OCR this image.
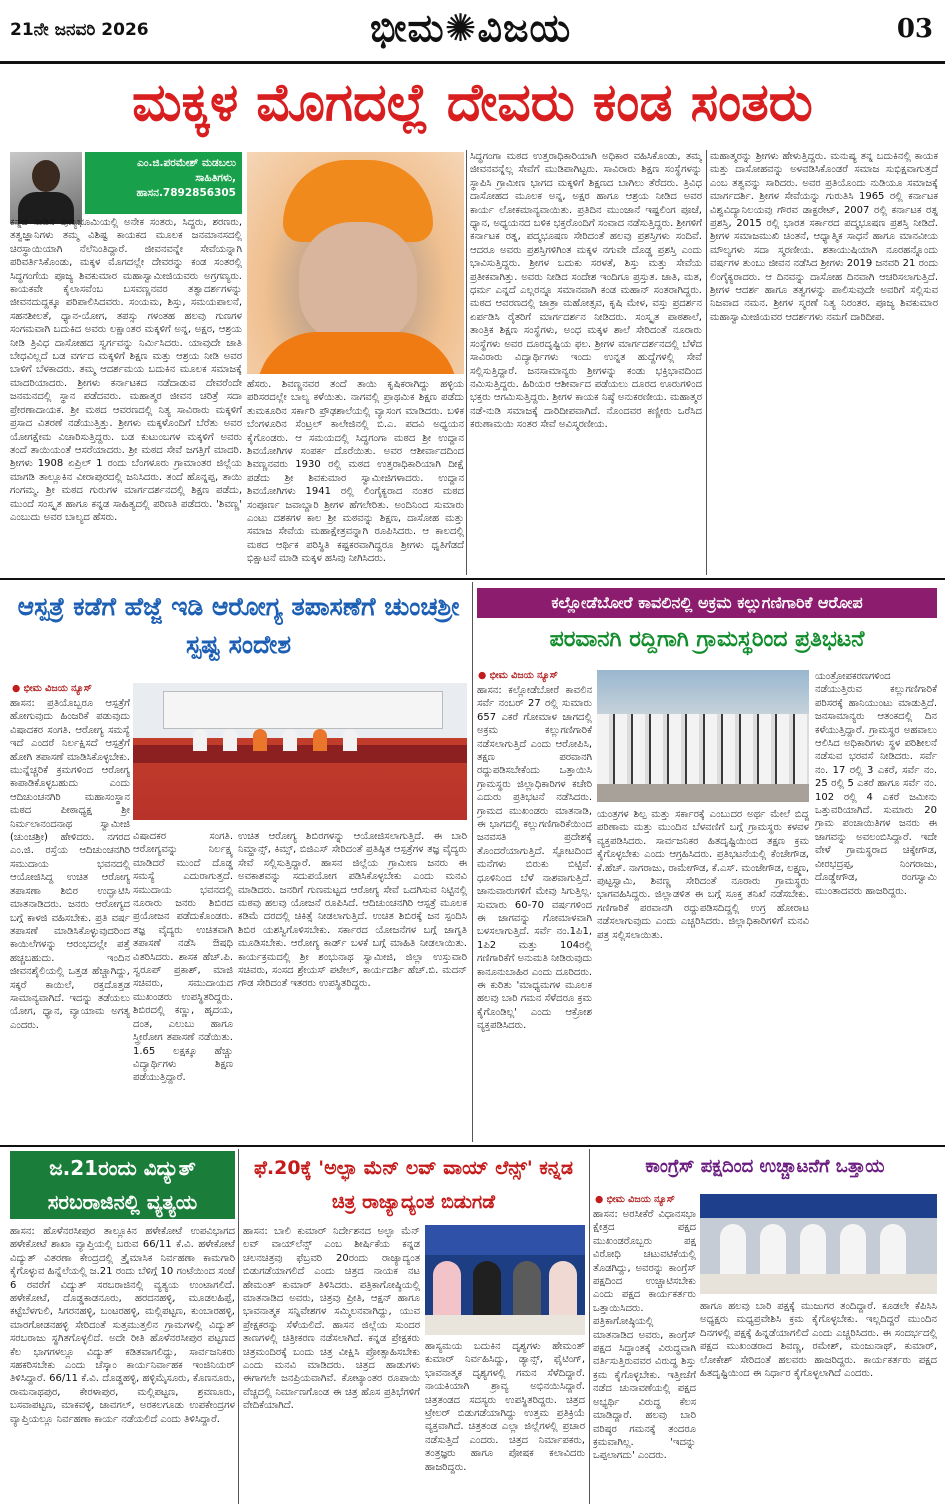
21ನೇ ಜನವರಿ 2026	ಭೀಮ✺ವಿಜಯ	03
ಮಕ್ಕಳ ಮೊಗದಲ್ಲೆ ದೇವರು ಕಂಡ ಸಂತರು
ಎಂ.ಜಿ.ಪರಮೇಶ್ ಮಡಬಲು
ಸಾಹಿತಿಗಳು,
ಹಾಸನ.7892856305
ಕನ್ನಡ ನಾಡಿನ ಪುಣ್ಯಭೂಮಿಯಲ್ಲಿ ಅನೇಕ ಸಂತರು, ಸಿದ್ಧರು, ಶರಣರು, ತತ್ವಜ್ಞಾನಿಗಳು ತಮ್ಮ ವಿಶಿಷ್ಟ ಕಾಯಕದ ಮೂಲಕ ಜನಮಾನಸದಲ್ಲಿ ಚಿರಸ್ಥಾಯಿಯಾಗಿ ನೆಲೆನಿಂತಿದ್ದಾರೆ. ಜೀವನವನ್ನೇ ಸೇವೆಯನ್ನಾಗಿ ಪರಿವರ್ತಿಸಿಕೊಂಡು, ಮಕ್ಕಳ ಮೊಗದಲ್ಲೇ ದೇವರನ್ನು ಕಂಡ ಸಂತರಲ್ಲಿ ಸಿದ್ಧಗಂಗೆಯ ಪೂಜ್ಯ ಶಿವಕುಮಾರ ಮಹಾಸ್ವಾಮೀಜಿಯವರು ಅಗ್ರಗಣ್ಯರು. ಕಾಯಕವೇ ಕೈಲಾಸವೆಂಬ ಬಸವಣ್ಣನವರ ತತ್ವಾದರ್ಶಗಳನ್ನು ಜೀವನದುದ್ದಕ್ಕೂ ಪರಿಪಾಲಿಸಿದವರು. ಸಂಯಮ, ಶಿಸ್ತು, ಸಮಯಪಾಲನೆ, ಸಹನಶೀಲತೆ, ಧ್ಯಾನ-ಯೋಗ, ತಪಸ್ಸು ಗಳಂತಹ ಹಲವು ಗುಣಗಳ ಸಂಗಮವಾಗಿ ಬದುಕಿದ ಅವರು ಲಕ್ಷಾಂತರ ಮಕ್ಕಳಿಗೆ ಅನ್ನ, ಅಕ್ಷರ, ಆಶ್ರಯ ನೀಡಿ ತ್ರಿವಿಧ ದಾಸೋಹದ ಸ್ವರ್ಗವನ್ನು ನಿರ್ಮಿಸಿದರು. ಯಾವುದೇ ಜಾತಿ ಬೇಧವಿಲ್ಲದೆ ಬಡ ವರ್ಗದ ಮಕ್ಕಳಿಗೆ ಶಿಕ್ಷಣ ಮತ್ತು ಆಶ್ರಯ ನೀಡಿ ಅವರ ಬಾಳಿಗೆ ಬೆಳಕಾದರು. ತಮ್ಮ ಆದರ್ಶಮಯ ಬದುಕಿನ ಮೂಲಕ ಸಮಾಜಕ್ಕೆ ಮಾದರಿಯಾದರು. ಶ್ರೀಗಳು ಕರ್ನಾಟಕದ ನಡೆದಾಡುವ ದೇವರೆಂದೇ ಜನಮನದಲ್ಲಿ ಸ್ಥಾನ ಪಡೆದವರು. ಮಹಾತ್ಮರ ಜೀವನ ಚರಿತ್ರೆ ಸದಾ ಪ್ರೇರಣಾದಾಯಕ. ಶ್ರೀ ಮಠದ ಆವರಣದಲ್ಲಿ ನಿತ್ಯ ಸಾವಿರಾರು ಮಕ್ಕಳಿಗೆ ಪ್ರಸಾದ ವಿತರಣೆ ನಡೆಯುತ್ತಿತ್ತು. ಶ್ರೀಗಳು ಮಕ್ಕಳೊಂದಿಗೆ ಬೆರೆತು ಅವರ ಯೋಗಕ್ಷೇಮ ವಿಚಾರಿಸುತ್ತಿದ್ದರು. ಬಡ ಕುಟುಂಬಗಳ ಮಕ್ಕಳಿಗೆ ಅವರು ತಂದೆ ತಾಯಿಯಂತೆ ಆಸರೆಯಾದರು. ಶ್ರೀ ಮಠದ ಸೇವೆ ಜಗತ್ತಿಗೆ ಮಾದರಿ. ಶ್ರೀಗಳು 1908 ಏಪ್ರಿಲ್ 1 ರಂದು ಬೆಂಗಳೂರು ಗ್ರಾಮಾಂತರ ಜಿಲ್ಲೆಯ ಮಾಗಡಿ ತಾಲ್ಲೂಕಿನ ವೀರಾಪುರದಲ್ಲಿ ಜನಿಸಿದರು. ತಂದೆ ಹೊನ್ನಪ್ಪ, ತಾಯಿ ಗಂಗಮ್ಮ. ಶ್ರೀ ಮಠದ ಗುರುಗಳ ಮಾರ್ಗದರ್ಶನದಲ್ಲಿ ಶಿಕ್ಷಣ ಪಡೆದು, ಮುಂದೆ ಸಂಸ್ಕೃತ ಹಾಗೂ ಕನ್ನಡ ಸಾಹಿತ್ಯದಲ್ಲಿ ಪರಿಣತಿ ಪಡೆದರು. 'ಶಿವಣ್ಣ' ಎಂಬುದು ಅವರ ಬಾಲ್ಯದ ಹೆಸರು.
ಹೆಸರು. ಶಿವಣ್ಣನವರ ತಂದೆ ತಾಯಿ ಕೃಷಿಕರಾಗಿದ್ದು ಹಳ್ಳಿಯ ಪರಿಸರದಲ್ಲೇ ಬಾಲ್ಯ ಕಳೆಯಿತು. ನಾಗವಲ್ಲಿ ಪ್ರಾಥಮಿಕ ಶಿಕ್ಷಣ ಪಡೆದು ತುಮಕೂರಿನ ಸರ್ಕಾರಿ ಪ್ರೌಢಶಾಲೆಯಲ್ಲಿ ವ್ಯಾಸಂಗ ಮಾಡಿದರು. ಬಳಿಕ ಬೆಂಗಳೂರಿನ ಸೆಂಟ್ರಲ್ ಕಾಲೇಜಿನಲ್ಲಿ ಬಿ.ಎ. ಪದವಿ ಅಧ್ಯಯನ ಕೈಗೊಂಡರು. ಆ ಸಮಯದಲ್ಲಿ ಸಿದ್ಧಗಂಗಾ ಮಠದ ಶ್ರೀ ಉದ್ದಾನ ಶಿವಯೋಗಿಗಳ ಸಂಪರ್ಕ ದೊರೆಯಿತು. ಅವರ ಆಶೀರ್ವಾದದಿಂದ ಶಿವಣ್ಣನವರು 1930 ರಲ್ಲಿ ಮಠದ ಉತ್ತರಾಧಿಕಾರಿಯಾಗಿ ದೀಕ್ಷೆ ಪಡೆದು ಶ್ರೀ ಶಿವಕುಮಾರ ಸ್ವಾಮೀಜಿಗಳಾದರು. ಉದ್ದಾನ ಶಿವಯೋಗಿಗಳು 1941 ರಲ್ಲಿ ಲಿಂಗೈಕ್ಯರಾದ ನಂತರ ಮಠದ ಸಂಪೂರ್ಣ ಜವಾಬ್ದಾರಿ ಶ್ರೀಗಳ ಹೆಗಲೇರಿತು. ಅಂದಿನಿಂದ ಸುಮಾರು ಎಂಟು ದಶಕಗಳ ಕಾಲ ಶ್ರೀ ಮಠವನ್ನು ಶಿಕ್ಷಣ, ದಾಸೋಹ ಮತ್ತು ಸಮಾಜ ಸೇವೆಯ ಮಹಾಕ್ಷೇತ್ರವನ್ನಾಗಿ ರೂಪಿಸಿದರು. ಆ ಕಾಲದಲ್ಲಿ ಮಠದ ಆರ್ಥಿಕ ಪರಿಸ್ಥಿತಿ ಕಷ್ಟಕರವಾಗಿದ್ದರೂ ಶ್ರೀಗಳು ಧೃತಿಗೆಡದೆ ಭಿಕ್ಷಾಟನೆ ಮಾಡಿ ಮಕ್ಕಳ ಹಸಿವು ನೀಗಿಸಿದರು.
ಸಿದ್ಧಗಂಗಾ ಮಠದ ಉತ್ತರಾಧಿಕಾರಿಯಾಗಿ ಅಧಿಕಾರ ವಹಿಸಿಕೊಂಡು, ತಮ್ಮ ಜೀವನವನ್ನೆಲ್ಲ ಸೇವೆಗೆ ಮುಡಿಪಾಗಿಟ್ಟರು. ಸಾವಿರಾರು ಶಿಕ್ಷಣ ಸಂಸ್ಥೆಗಳನ್ನು ಸ್ಥಾಪಿಸಿ ಗ್ರಾಮೀಣ ಭಾಗದ ಮಕ್ಕಳಿಗೆ ಶಿಕ್ಷಣದ ಬಾಗಿಲು ತೆರೆದರು. ತ್ರಿವಿಧ ದಾಸೋಹದ ಮೂಲಕ ಅನ್ನ, ಅಕ್ಷರ ಹಾಗೂ ಆಶ್ರಯ ನೀಡಿದ ಅವರ ಕಾರ್ಯ ಲೋಕಮಾನ್ಯವಾಯಿತು. ಪ್ರತಿದಿನ ಮುಂಜಾನೆ ಇಷ್ಟಲಿಂಗ ಪೂಜೆ, ಧ್ಯಾನ, ಅಧ್ಯಯನದ ಬಳಿಕ ಭಕ್ತರೊಂದಿಗೆ ಸಂವಾದ ನಡೆಸುತ್ತಿದ್ದರು. ಶ್ರೀಗಳಿಗೆ ಕರ್ನಾಟಕ ರತ್ನ, ಪದ್ಮಭೂಷಣ ಸೇರಿದಂತೆ ಹಲವು ಪ್ರಶಸ್ತಿಗಳು ಸಂದಿವೆ. ಆದರೂ ಅವರು ಪ್ರಶಸ್ತಿಗಳಿಗಿಂತ ಮಕ್ಕಳ ನಗುವೇ ದೊಡ್ಡ ಪ್ರಶಸ್ತಿ ಎಂದು ಭಾವಿಸುತ್ತಿದ್ದರು. ಶ್ರೀಗಳ ಬದುಕು ಸರಳತೆ, ಶಿಸ್ತು ಮತ್ತು ಸೇವೆಯ ಪ್ರತೀಕವಾಗಿತ್ತು. ಅವರು ನೀಡಿದ ಸಂದೇಶ ಇಂದಿಗೂ ಪ್ರಸ್ತುತ. ಜಾತಿ, ಮತ, ಧರ್ಮ ಎನ್ನದೆ ಎಲ್ಲರನ್ನೂ ಸಮಾನವಾಗಿ ಕಂಡ ಮಹಾನ್ ಸಂತರಾಗಿದ್ದರು. ಮಠದ ಆವರಣದಲ್ಲಿ ಜಾತ್ರಾ ಮಹೋತ್ಸವ, ಕೃಷಿ ಮೇಳ, ವಸ್ತು ಪ್ರದರ್ಶನ ಏರ್ಪಡಿಸಿ ರೈತರಿಗೆ ಮಾರ್ಗದರ್ಶನ ನೀಡಿದರು. ಸಂಸ್ಕೃತ ಪಾಠಶಾಲೆ, ತಾಂತ್ರಿಕ ಶಿಕ್ಷಣ ಸಂಸ್ಥೆಗಳು, ಅಂಧ ಮಕ್ಕಳ ಶಾಲೆ ಸೇರಿದಂತೆ ನೂರಾರು ಸಂಸ್ಥೆಗಳು ಅವರ ದೂರದೃಷ್ಟಿಯ ಫಲ. ಶ್ರೀಗಳ ಮಾರ್ಗದರ್ಶನದಲ್ಲಿ ಬೆಳೆದ ಸಾವಿರಾರು ವಿದ್ಯಾರ್ಥಿಗಳು ಇಂದು ಉನ್ನತ ಹುದ್ದೆಗಳಲ್ಲಿ ಸೇವೆ ಸಲ್ಲಿಸುತ್ತಿದ್ದಾರೆ. ಜನಸಾಮಾನ್ಯರು ಶ್ರೀಗಳನ್ನು ಕಂಡು ಭಕ್ತಿಭಾವದಿಂದ ನಮಿಸುತ್ತಿದ್ದರು. ಹಿರಿಯರ ಆಶೀರ್ವಾದ ಪಡೆಯಲು ದೂರದ ಊರುಗಳಿಂದ ಭಕ್ತರು ಆಗಮಿಸುತ್ತಿದ್ದರು. ಶ್ರೀಗಳ ಕಾಯಕ ನಿಷ್ಠೆ ಅನುಕರಣೀಯ. ಮಹಾತ್ಮರ ನಡೆ-ನುಡಿ ಸಮಾಜಕ್ಕೆ ದಾರಿದೀಪವಾಗಿದೆ. ನೊಂದವರ ಕಣ್ಣೀರು ಒರೆಸಿದ ಕರುಣಾಮಯಿ ಸಂತರ ಸೇವೆ ಅವಿಸ್ಮರಣೀಯ.
ಮಹಾತ್ಮರನ್ನು ಶ್ರೀಗಳು ಹೇಳುತ್ತಿದ್ದರು. ಮನುಷ್ಯ ತನ್ನ ಬದುಕಿನಲ್ಲಿ ಕಾಯಕ ಮತ್ತು ದಾಸೋಹವನ್ನು ಅಳವಡಿಸಿಕೊಂಡರೆ ಸಮಾಜ ಸುಭಿಕ್ಷವಾಗುತ್ತದೆ ಎಂಬ ತತ್ವವನ್ನು ಸಾರಿದರು. ಅವರ ಪ್ರತಿಯೊಂದು ನುಡಿಯೂ ಸಮಾಜಕ್ಕೆ ಮಾರ್ಗದರ್ಶಿ. ಶ್ರೀಗಳ ಸೇವೆಯನ್ನು ಗುರುತಿಸಿ 1965 ರಲ್ಲಿ ಕರ್ನಾಟಕ ವಿಶ್ವವಿದ್ಯಾನಿಲಯವು ಗೌರವ ಡಾಕ್ಟರೇಟ್, 2007 ರಲ್ಲಿ ಕರ್ನಾಟಕ ರತ್ನ ಪ್ರಶಸ್ತಿ, 2015 ರಲ್ಲಿ ಭಾರತ ಸರ್ಕಾರದ ಪದ್ಮಭೂಷಣ ಪ್ರಶಸ್ತಿ ನೀಡಿದೆ. ಶ್ರೀಗಳ ಸಮಾಜಮುಖಿ ಚಿಂತನೆ, ಆಧ್ಯಾತ್ಮಿಕ ಸಾಧನೆ ಹಾಗೂ ಮಾನವೀಯ ಮೌಲ್ಯಗಳು ಸದಾ ಸ್ಮರಣೀಯ. ಶತಾಯುಷಿಯಾಗಿ ನೂರಹನ್ನೊಂದು ವರ್ಷಗಳ ತುಂಬು ಜೀವನ ನಡೆಸಿದ ಶ್ರೀಗಳು 2019 ಜನವರಿ 21 ರಂದು ಲಿಂಗೈಕ್ಯರಾದರು. ಆ ದಿನವನ್ನು ದಾಸೋಹ ದಿನವಾಗಿ ಆಚರಿಸಲಾಗುತ್ತಿದೆ. ಶ್ರೀಗಳ ಆದರ್ಶ ಹಾಗೂ ತತ್ವಗಳನ್ನು ಪಾಲಿಸುವುದೇ ಅವರಿಗೆ ಸಲ್ಲಿಸುವ ನಿಜವಾದ ನಮನ. ಶ್ರೀಗಳ ಸ್ಮರಣೆ ನಿತ್ಯ ನಿರಂತರ. ಪೂಜ್ಯ ಶಿವಕುಮಾರ ಮಹಾಸ್ವಾಮೀಜಿಯವರ ಆದರ್ಶಗಳು ನಮಗೆ ದಾರಿದೀಪ.
ಆಸ್ಪತ್ರೆ ಕಡೆಗೆ ಹೆಜ್ಜೆ ಇಡಿ ಆರೋಗ್ಯ ತಪಾಸಣೆಗೆ ಚುಂಚಶ್ರೀ ಸ್ಪಷ್ಟ ಸಂದೇಶ
● ಭೀಮ ವಿಜಯ ನ್ಯೂಸ್
ಹಾಸನ: ಪ್ರತಿಯೊಬ್ಬರೂ ಆಸ್ಪತ್ರೆಗೆ ಹೋಗುವುದು ಹಿಂಜರಿಕೆ ಪಡುವುದು ವಿಷಾದಕರ ಸಂಗತಿ. ಆರೋಗ್ಯ ಸಮಸ್ಯೆ ಇದೆ ಎಂದರೆ ನಿರ್ಲಕ್ಷಿಸದೆ ಆಸ್ಪತ್ರೆಗೆ ಹೋಗಿ ತಪಾಸಣೆ ಮಾಡಿಸಿಕೊಳ್ಳಬೇಕು. ಮುನ್ನೆಚ್ಚರಿಕೆ ಕ್ರಮಗಳಿಂದ ಆರೋಗ್ಯ ಕಾಪಾಡಿಕೊಳ್ಳಬಹುದು ಎಂದು ಆದಿಚುಂಚನಗಿರಿ ಮಹಾಸಂಸ್ಥಾನ ಮಠದ ಪೀಠಾಧ್ಯಕ್ಷ ಶ್ರೀ ನಿರ್ಮಲಾನಂದನಾಥ ಸ್ವಾಮೀಜಿ (ಚುಂಚಶ್ರೀ) ಹೇಳಿದರು. ನಗರದ ಎಂ.ಜಿ. ರಸ್ತೆಯ ಆದಿಚುಂಚನಗಿರಿ ಸಮುದಾಯ ಭವನದಲ್ಲಿ ಆಯೋಜಿಸಿದ್ದ ಉಚಿತ ಆರೋಗ್ಯ ತಪಾಸಣಾ ಶಿಬಿರ ಉದ್ಘಾಟಿಸಿ ಮಾತನಾಡಿದರು. ಜನರು ಆರೋಗ್ಯದ ಬಗ್ಗೆ ಕಾಳಜಿ ವಹಿಸಬೇಕು. ಪ್ರತಿ ವರ್ಷ ತಪಾಸಣೆ ಮಾಡಿಸಿಕೊಳ್ಳುವುದರಿಂದ ಕಾಯಿಲೆಗಳನ್ನು ಆರಂಭದಲ್ಲೇ ಪತ್ತೆ ಹಚ್ಚಬಹುದು. ಇಂದಿನ ಜೀವನಶೈಲಿಯಲ್ಲಿ ಒತ್ತಡ ಹೆಚ್ಚಾಗಿದ್ದು, ಸಕ್ಕರೆ ಕಾಯಿಲೆ, ರಕ್ತದೊತ್ತಡ ಸಾಮಾನ್ಯವಾಗಿದೆ. ಇದನ್ನು ತಡೆಯಲು ಯೋಗ, ಧ್ಯಾನ, ವ್ಯಾಯಾಮ ಅಗತ್ಯ ಎಂದರು.
ವಿಷಾದಕರ ಸಂಗತಿ. ಆರೋಗ್ಯವನ್ನು ನಿರ್ಲಕ್ಷ್ಯ ಮಾಡಿದರೆ ಮುಂದೆ ದೊಡ್ಡ ಸಮಸ್ಯೆ ಎದುರಾಗುತ್ತದೆ. ಸಮುದಾಯ ಭವನದಲ್ಲಿ ನೂರಾರು ಜನರು ಶಿಬಿರದ ಪ್ರಯೋಜನ ಪಡೆದುಕೊಂಡರು. ತಜ್ಞ ವೈದ್ಯರು ಉಚಿತವಾಗಿ ತಪಾಸಣೆ ನಡೆಸಿ ಔಷಧಿ ವಿತರಿಸಿದರು. ಶಾಸಕ ಹೆಚ್.ಪಿ. ಸ್ವರೂಪ್ ಪ್ರಕಾಶ್, ಮಾಜಿ ಸಚಿವರು, ಸಮುದಾಯದ ಮುಖಂಡರು ಉಪಸ್ಥಿತರಿದ್ದರು. ಶಿಬಿರದಲ್ಲಿ ಕಣ್ಣು, ಹೃದಯ, ದಂತ, ಎಲುಬು ಹಾಗೂ ಸ್ತ್ರೀರೋಗ ತಪಾಸಣೆ ನಡೆಯಿತು. 1.65 ಲಕ್ಷಕ್ಕೂ ಹೆಚ್ಚು ವಿದ್ಯಾರ್ಥಿಗಳು ಶಿಕ್ಷಣ ಪಡೆಯುತ್ತಿದ್ದಾರೆ.
ಉಚಿತ ಆರೋಗ್ಯ ಶಿಬಿರಗಳನ್ನು ಆಯೋಜಿಸಲಾಗುತ್ತಿದೆ. ಈ ಬಾರಿ ನಿಮ್ಹಾನ್ಸ್, ಕಿಮ್ಸ್, ಬಿಜಿಎಸ್ ಸೇರಿದಂತೆ ಪ್ರತಿಷ್ಠಿತ ಆಸ್ಪತ್ರೆಗಳ ತಜ್ಞ ವೈದ್ಯರು ಸೇವೆ ಸಲ್ಲಿಸುತ್ತಿದ್ದಾರೆ. ಹಾಸನ ಜಿಲ್ಲೆಯ ಗ್ರಾಮೀಣ ಜನರು ಈ ಅವಕಾಶವನ್ನು ಸದುಪಯೋಗ ಪಡಿಸಿಕೊಳ್ಳಬೇಕು ಎಂದು ಮನವಿ ಮಾಡಿದರು. ಜನರಿಗೆ ಗುಣಮಟ್ಟದ ಆರೋಗ್ಯ ಸೇವೆ ಒದಗಿಸುವ ನಿಟ್ಟಿನಲ್ಲಿ ಮಠವು ಹಲವು ಯೋಜನೆ ರೂಪಿಸಿದೆ. ಆದಿಚುಂಚನಗಿರಿ ಆಸ್ಪತ್ರೆ ಮೂಲಕ ಕಡಿಮೆ ದರದಲ್ಲಿ ಚಿಕಿತ್ಸೆ ನೀಡಲಾಗುತ್ತಿದೆ. ಉಚಿತ ಶಿಬಿರಕ್ಕೆ ಜನ ಸ್ಪಂದಿಸಿ ಶಿಬಿರ ಯಶಸ್ವಿಗೊಳಿಸಬೇಕು. ಸರ್ಕಾರದ ಯೋಜನೆಗಳ ಬಗ್ಗೆ ಜಾಗೃತಿ ಮೂಡಿಸಬೇಕು. ಆರೋಗ್ಯ ಕಾರ್ಡ್ ಬಳಕೆ ಬಗ್ಗೆ ಮಾಹಿತಿ ನೀಡಲಾಯಿತು. ಕಾರ್ಯಕ್ರಮದಲ್ಲಿ ಶ್ರೀ ಶಂಭುನಾಥ ಸ್ವಾಮೀಜಿ, ಜಿಲ್ಲಾ ಉಸ್ತುವಾರಿ ಸಚಿವರು, ಸಂಸದ ಶ್ರೇಯಸ್ ಪಟೇಲ್, ಕಾರ್ಯದರ್ಶಿ ಹೆಚ್.ಬಿ. ಮದನ್ ಗೌಡ ಸೇರಿದಂತೆ ಇತರರು ಉಪಸ್ಥಿತರಿದ್ದರು.
ಕಲ್ಲೋಡೆಬೋರೆ ಕಾವಲಿನಲ್ಲಿ ಅಕ್ರಮ ಕಲ್ಲುಗಣಿಗಾರಿಕೆ ಆರೋಪ
ಪರವಾನಗಿ ರದ್ದಿಗಾಗಿ ಗ್ರಾಮಸ್ಥರಿಂದ ಪ್ರತಿಭಟನೆ
● ಭೀಮ ವಿಜಯ ನ್ಯೂಸ್
ಹಾಸನ: ಕಲ್ಲೋಡೆಬೋರೆ ಕಾವಲಿನ ಸರ್ವೆ ನಂಬರ್ 27 ರಲ್ಲಿ ಸುಮಾರು 657 ಎಕರೆ ಗೋಮಾಳ ಜಾಗದಲ್ಲಿ ಅಕ್ರಮ ಕಲ್ಲುಗಣಿಗಾರಿಕೆ ನಡೆಸಲಾಗುತ್ತಿದೆ ಎಂದು ಆರೋಪಿಸಿ, ತಕ್ಷಣ ಪರವಾನಗಿ ರದ್ದುಪಡಿಸಬೇಕೆಂದು ಒತ್ತಾಯಿಸಿ ಗ್ರಾಮಸ್ಥರು ಜಿಲ್ಲಾಧಿಕಾರಿಗಳ ಕಚೇರಿ ಎದುರು ಪ್ರತಿಭಟನೆ ನಡೆಸಿದರು. ಗ್ರಾಮದ ಮುಖಂಡರು ಮಾತನಾಡಿ, ಈ ಭಾಗದಲ್ಲಿ ಕಲ್ಲುಗಣಿಗಾರಿಕೆಯಿಂದ ಜನವಸತಿ ಪ್ರದೇಶಕ್ಕೆ ತೊಂದರೆಯಾಗುತ್ತಿದೆ. ಸ್ಫೋಟದಿಂದ ಮನೆಗಳು ಬಿರುಕು ಬಿಟ್ಟಿವೆ. ಧೂಳಿನಿಂದ ಬೆಳೆ ನಾಶವಾಗುತ್ತಿದೆ. ಜಾನುವಾರುಗಳಿಗೆ ಮೇವು ಸಿಗುತ್ತಿಲ್ಲ. ಸುಮಾರು 60-70 ವರ್ಷಗಳಿಂದ ಈ ಜಾಗವನ್ನು ಗೋಮಾಳವಾಗಿ ಬಳಸಲಾಗುತ್ತಿದೆ. ಸರ್ವೆ ನಂ.1ಪಿ1, 1ಪಿ2 ಮತ್ತು 104ರಲ್ಲಿ ಗಣಿಗಾರಿಕೆಗೆ ಅನುಮತಿ ನೀಡಿರುವುದು ಕಾನೂನುಬಾಹಿರ ಎಂದು ದೂರಿದರು. ಈ ಕುರಿತು 'ಮಾಧ್ಯಮಗಳ ಮೂಲಕ ಹಲವು ಬಾರಿ ಗಮನ ಸೆಳೆದರೂ ಕ್ರಮ ಕೈಗೊಂಡಿಲ್ಲ' ಎಂದು ಆಕ್ರೋಶ ವ್ಯಕ್ತಪಡಿಸಿದರು.
ಯಂತ್ರಗಳ ಶಿಲ್ಪ ಮತ್ತು ಸರ್ಕಾರಕ್ಕೆ ಎಂಬುದರ ಅರ್ಥ ಮೇಲೆ ಬಿದ್ದ ಪರಿಣಾಮ ಮತ್ತು ಮುಂದಿನ ಬೆಳವಣಿಗೆ ಬಗ್ಗೆ ಗ್ರಾಮಸ್ಥರು ಕಳವಳ ವ್ಯಕ್ತಪಡಿಸಿದರು. ಸಾರ್ವಜನಿಕರ ಹಿತದೃಷ್ಟಿಯಿಂದ ತಕ್ಷಣ ಕ್ರಮ ಕೈಗೊಳ್ಳಬೇಕು ಎಂದು ಆಗ್ರಹಿಸಿದರು. ಪ್ರತಿಭಟನೆಯಲ್ಲಿ ಕೆಂಚೇಗೌಡ, ಕೆ.ಹೆಚ್. ನಾಗರಾಜು, ರಾಮೇಗೌಡ, ಕೆ.ಎಸ್. ಮಂಜೇಗೌಡ, ಲಕ್ಷ್ಮಣ, ಪುಟ್ಟಸ್ವಾಮಿ, ಶಿವಣ್ಣ ಸೇರಿದಂತೆ ನೂರಾರು ಗ್ರಾಮಸ್ಥರು ಭಾಗವಹಿಸಿದ್ದರು. ಜಿಲ್ಲಾಡಳಿತ ಈ ಬಗ್ಗೆ ಸೂಕ್ತ ತನಿಖೆ ನಡೆಸಬೇಕು. ಗಣಿಗಾರಿಕೆ ಪರವಾನಗಿ ರದ್ದುಪಡಿಸದಿದ್ದಲ್ಲಿ ಉಗ್ರ ಹೋರಾಟ ನಡೆಸಲಾಗುವುದು ಎಂದು ಎಚ್ಚರಿಸಿದರು. ಜಿಲ್ಲಾಧಿಕಾರಿಗಳಿಗೆ ಮನವಿ ಪತ್ರ ಸಲ್ಲಿಸಲಾಯಿತು.
ಯಂತ್ರೋಪಕರಣಗಳಿಂದ ನಡೆಯುತ್ತಿರುವ ಕಲ್ಲುಗಣಿಗಾರಿಕೆ ಪರಿಸರಕ್ಕೆ ಹಾನಿಯುಂಟು ಮಾಡುತ್ತಿದೆ. ಜನಸಾಮಾನ್ಯರು ಆತಂಕದಲ್ಲಿ ದಿನ ಕಳೆಯುತ್ತಿದ್ದಾರೆ. ಗ್ರಾಮಸ್ಥರ ಅಹವಾಲು ಆಲಿಸಿದ ಅಧಿಕಾರಿಗಳು ಸ್ಥಳ ಪರಿಶೀಲನೆ ನಡೆಸುವ ಭರವಸೆ ನೀಡಿದರು. ಸರ್ವೆ ನಂ. 17 ರಲ್ಲಿ 3 ಎಕರೆ, ಸರ್ವೆ ನಂ. 25 ರಲ್ಲಿ 5 ಎಕರೆ ಹಾಗೂ ಸರ್ವೆ ನಂ. 102 ರಲ್ಲಿ 4 ಎಕರೆ ಜಮೀನು ಒತ್ತುವರಿಯಾಗಿದೆ. ಸುಮಾರು 20 ಗ್ರಾಮ ಪಂಚಾಯಿತಿಗಳ ಜನರು ಈ ಜಾಗವನ್ನು ಅವಲಂಬಿಸಿದ್ದಾರೆ. ಇದೇ ವೇಳೆ ಗ್ರಾಮಸ್ಥರಾದ ಚಿಕ್ಕೇಗೌಡ, ವೀರಭದ್ರಪ್ಪ, ನಿಂಗರಾಜು, ದೊಡ್ಡೇಗೌಡ, ರಂಗಸ್ವಾಮಿ ಮುಂತಾದವರು ಹಾಜರಿದ್ದರು.
ಜ.21ರಂದು ವಿದ್ಯುತ್ ಸರಬರಾಜಿನಲ್ಲಿ ವ್ಯತ್ಯಯ
ಹಾಸನ: ಹೊಳೆನರಸೀಪುರ ತಾಲ್ಲೂಕಿನ ಹಳೇಕೋಟೆ ಉಪವಿಭಾಗದ ಹಳೇಕೋಟೆ ಶಾಖಾ ವ್ಯಾಪ್ತಿಯಲ್ಲಿ ಬರುವ 66/11 ಕೆ.ವಿ. ಹಳೇಕೋಟೆ ವಿದ್ಯುತ್ ವಿತರಣಾ ಕೇಂದ್ರದಲ್ಲಿ ತ್ರೈಮಾಸಿಕ ನಿರ್ವಹಣಾ ಕಾಮಗಾರಿ ಕೈಗೊಳ್ಳುವ ಹಿನ್ನೆಲೆಯಲ್ಲಿ ಜ.21 ರಂದು ಬೆಳಿಗ್ಗೆ 10 ಗಂಟೆಯಿಂದ ಸಂಜೆ 6 ರವರೆಗೆ ವಿದ್ಯುತ್ ಸರಬರಾಜಿನಲ್ಲಿ ವ್ಯತ್ಯಯ ಉಂಟಾಗಲಿದೆ. ಹಳೇಕೋಟೆ, ದೊಡ್ಡಕಾಡನೂರು, ಹರದನಹಳ್ಳಿ, ಮೂಡಲಹಿಪ್ಪೆ, ಕಟ್ಟೆಬೆಳಗುಲಿ, ಸಿಗರನಹಳ್ಳಿ, ಬಂಟರಹಳ್ಳಿ, ಮಲ್ಲಿಪಟ್ಟಣ, ಕುಂಬಾರಹಳ್ಳಿ, ಮಾರಗೋಡನಹಳ್ಳಿ ಸೇರಿದಂತೆ ಸುತ್ತಮುತ್ತಲಿನ ಗ್ರಾಮಗಳಲ್ಲಿ ವಿದ್ಯುತ್ ಸರಬರಾಜು ಸ್ಥಗಿತಗೊಳ್ಳಲಿದೆ. ಅದೇ ರೀತಿ ಹೊಳೆನರಸೀಪುರ ಪಟ್ಟಣದ ಕೆಲ ಭಾಗಗಳಲ್ಲೂ ವಿದ್ಯುತ್ ಕಡಿತವಾಗಲಿದ್ದು, ಸಾರ್ವಜನಿಕರು ಸಹಕರಿಸಬೇಕು ಎಂದು ಚೆಸ್ಕಾಂ ಕಾರ್ಯನಿರ್ವಾಹಕ ಇಂಜಿನಿಯರ್ ತಿಳಿಸಿದ್ದಾರೆ. 66/11 ಕೆ.ವಿ. ದೊಡ್ಡಹಳ್ಳಿ, ಹಳ್ಳಿಮೈಸೂರು, ಕೊಣನೂರು, ರಾಮನಾಥಪುರ, ಕೇರಳಾಪುರ, ಮಲ್ಲಿಪಟ್ಟಣ, ಶ್ರವಣೂರು, ಬಸವಾಪಟ್ಟಣ, ಮಾಕವಳ್ಳಿ, ಜಾವಗಲ್, ಅರಕಲಗೂಡು ಉಪಕೇಂದ್ರಗಳ ವ್ಯಾಪ್ತಿಯಲ್ಲೂ ನಿರ್ವಹಣಾ ಕಾರ್ಯ ನಡೆಯಲಿದೆ ಎಂದು ತಿಳಿಸಿದ್ದಾರೆ.
ಫೆ.20ಕ್ಕೆ 'ಅಲ್ಫಾ ಮೆನ್ ಲವ್ ವಾಯ್ ಲೆನ್ಸ್' ಕನ್ನಡ ಚಿತ್ರ ರಾಜ್ಯಾದ್ಯಂತ ಬಿಡುಗಡೆ
ಹಾಸನ: ಬಾಲಿ ಕುಮಾರ್ ನಿರ್ದೇಶನದ ಅಲ್ಫಾ ಮೆನ್ ಲವ್ ವಾಯ್‌ಲೆನ್ಸ್ ಎಂಬ ಶೀರ್ಷಿಕೆಯ ಕನ್ನಡ ಚಲನಚಿತ್ರವು ಫೆಬ್ರವರಿ 20ರಂದು ರಾಜ್ಯಾದ್ಯಂತ ಬಿಡುಗಡೆಯಾಗಲಿದೆ ಎಂದು ಚಿತ್ರದ ನಾಯಕ ನಟ ಹೇಮಂತ್ ಕುಮಾರ್ ತಿಳಿಸಿದರು. ಪತ್ರಿಕಾಗೋಷ್ಠಿಯಲ್ಲಿ ಮಾತನಾಡಿದ ಅವರು, ಚಿತ್ರವು ಪ್ರೀತಿ, ಆಕ್ಷನ್ ಹಾಗೂ ಭಾವನಾತ್ಮಕ ಸನ್ನಿವೇಶಗಳ ಸಮ್ಮಿಲನವಾಗಿದ್ದು, ಯುವ ಪ್ರೇಕ್ಷಕರನ್ನು ಸೆಳೆಯಲಿದೆ. ಹಾಸನ ಜಿಲ್ಲೆಯ ಸುಂದರ ತಾಣಗಳಲ್ಲಿ ಚಿತ್ರೀಕರಣ ನಡೆಸಲಾಗಿದೆ. ಕನ್ನಡ ಪ್ರೇಕ್ಷಕರು ಚಿತ್ರಮಂದಿರಕ್ಕೆ ಬಂದು ಚಿತ್ರ ವೀಕ್ಷಿಸಿ ಪ್ರೋತ್ಸಾಹಿಸಬೇಕು ಎಂದು ಮನವಿ ಮಾಡಿದರು. ಚಿತ್ರದ ಹಾಡುಗಳು ಈಗಾಗಲೇ ಜನಪ್ರಿಯವಾಗಿವೆ. ಕೋಟ್ಯಾಂತರ ರೂಪಾಯಿ ವೆಚ್ಚದಲ್ಲಿ ನಿರ್ಮಾಣಗೊಂಡ ಈ ಚಿತ್ರ ಹೊಸ ಪ್ರತಿಭೆಗಳಿಗೆ ವೇದಿಕೆಯಾಗಿದೆ.
ಹಾಸ್ಯಮಯ ಬದುಕಿನ ದೃಶ್ಯಗಳು ಹೇಮಂತ್ ಕುಮಾರ್ ನಿರ್ವಹಿಸಿದ್ದು, ಡ್ಯಾನ್ಸ್, ಫೈಟಿಂಗ್, ಭಾವನಾತ್ಮಕ ದೃಶ್ಯಗಳಲ್ಲಿ ಗಮನ ಸೆಳೆದಿದ್ದಾರೆ. ನಾಯಕಿಯಾಗಿ ಶ್ರಾವ್ಯ ಅಭಿನಯಿಸಿದ್ದಾರೆ. ಚಿತ್ರತಂಡದ ಸದಸ್ಯರು ಉಪಸ್ಥಿತರಿದ್ದರು. ಚಿತ್ರದ ಟ್ರೇಲರ್ ಬಿಡುಗಡೆಯಾಗಿದ್ದು ಉತ್ತಮ ಪ್ರತಿಕ್ರಿಯೆ ವ್ಯಕ್ತವಾಗಿದೆ. ಚಿತ್ರತಂಡ ಎಲ್ಲಾ ಜಿಲ್ಲೆಗಳಲ್ಲಿ ಪ್ರಚಾರ ನಡೆಸುತ್ತಿದೆ ಎಂದರು. ಚಿತ್ರದ ನಿರ್ಮಾಪಕರು, ತಂತ್ರಜ್ಞರು ಹಾಗೂ ಪೋಷಕ ಕಲಾವಿದರು ಹಾಜರಿದ್ದರು.
ಕಾಂಗ್ರೆಸ್ ಪಕ್ಷದಿಂದ ಉಚ್ಚಾಟನೆಗೆ ಒತ್ತಾಯ
● ಭೀಮ ವಿಜಯ ನ್ಯೂಸ್
ಹಾಸನ: ಅರಸೀಕೆರೆ ವಿಧಾನಸಭಾ ಕ್ಷೇತ್ರದ ಪಕ್ಷದ ಮುಖಂಡರೊಬ್ಬರು ಪಕ್ಷ ವಿರೋಧಿ ಚಟುವಟಿಕೆಯಲ್ಲಿ ತೊಡಗಿದ್ದು, ಅವರನ್ನು ಕಾಂಗ್ರೆಸ್ ಪಕ್ಷದಿಂದ ಉಚ್ಚಾಟಿಸಬೇಕು ಎಂದು ಪಕ್ಷದ ಕಾರ್ಯಕರ್ತರು ಒತ್ತಾಯಿಸಿದರು. ಪತ್ರಿಕಾಗೋಷ್ಠಿಯಲ್ಲಿ ಮಾತನಾಡಿದ ಅವರು, ಕಾಂಗ್ರೆಸ್ ಪಕ್ಷದ ಸಿದ್ಧಾಂತಕ್ಕೆ ವಿರುದ್ಧವಾಗಿ ವರ್ತಿಸುತ್ತಿರುವವರ ವಿರುದ್ಧ ಶಿಸ್ತು ಕ್ರಮ ಕೈಗೊಳ್ಳಬೇಕು. ಇತ್ತೀಚೆಗೆ ನಡೆದ ಚುನಾವಣೆಯಲ್ಲಿ ಪಕ್ಷದ ಅಭ್ಯರ್ಥಿ ವಿರುದ್ಧ ಕೆಲಸ ಮಾಡಿದ್ದಾರೆ. ಹಲವು ಬಾರಿ ವರಿಷ್ಠರ ಗಮನಕ್ಕೆ ತಂದರೂ ಕ್ರಮವಾಗಿಲ್ಲ. 'ಇದನ್ನು ಒಪ್ಪಲಾಗದು' ಎಂದರು.
ಹಾಗೂ ಹಲವು ಬಾರಿ ಪಕ್ಷಕ್ಕೆ ಮುಜುಗರ ತಂದಿದ್ದಾರೆ. ಕೂಡಲೇ ಕೆಪಿಸಿಸಿ ಅಧ್ಯಕ್ಷರು ಮಧ್ಯಪ್ರವೇಶಿಸಿ ಕ್ರಮ ಕೈಗೊಳ್ಳಬೇಕು. ಇಲ್ಲದಿದ್ದರೆ ಮುಂದಿನ ದಿನಗಳಲ್ಲಿ ಪಕ್ಷಕ್ಕೆ ಹಿನ್ನಡೆಯಾಗಲಿದೆ ಎಂದು ಎಚ್ಚರಿಸಿದರು. ಈ ಸಂದರ್ಭದಲ್ಲಿ ಪಕ್ಷದ ಮುಖಂಡರಾದ ಶಿವಣ್ಣ, ರಮೇಶ್, ಮಂಜುನಾಥ್, ಕುಮಾರ್, ಲೋಕೇಶ್ ಸೇರಿದಂತೆ ಹಲವರು ಹಾಜರಿದ್ದರು. ಕಾರ್ಯಕರ್ತರು ಪಕ್ಷದ ಹಿತದೃಷ್ಟಿಯಿಂದ ಈ ನಿರ್ಧಾರ ಕೈಗೊಳ್ಳಲಾಗಿದೆ ಎಂದರು.
